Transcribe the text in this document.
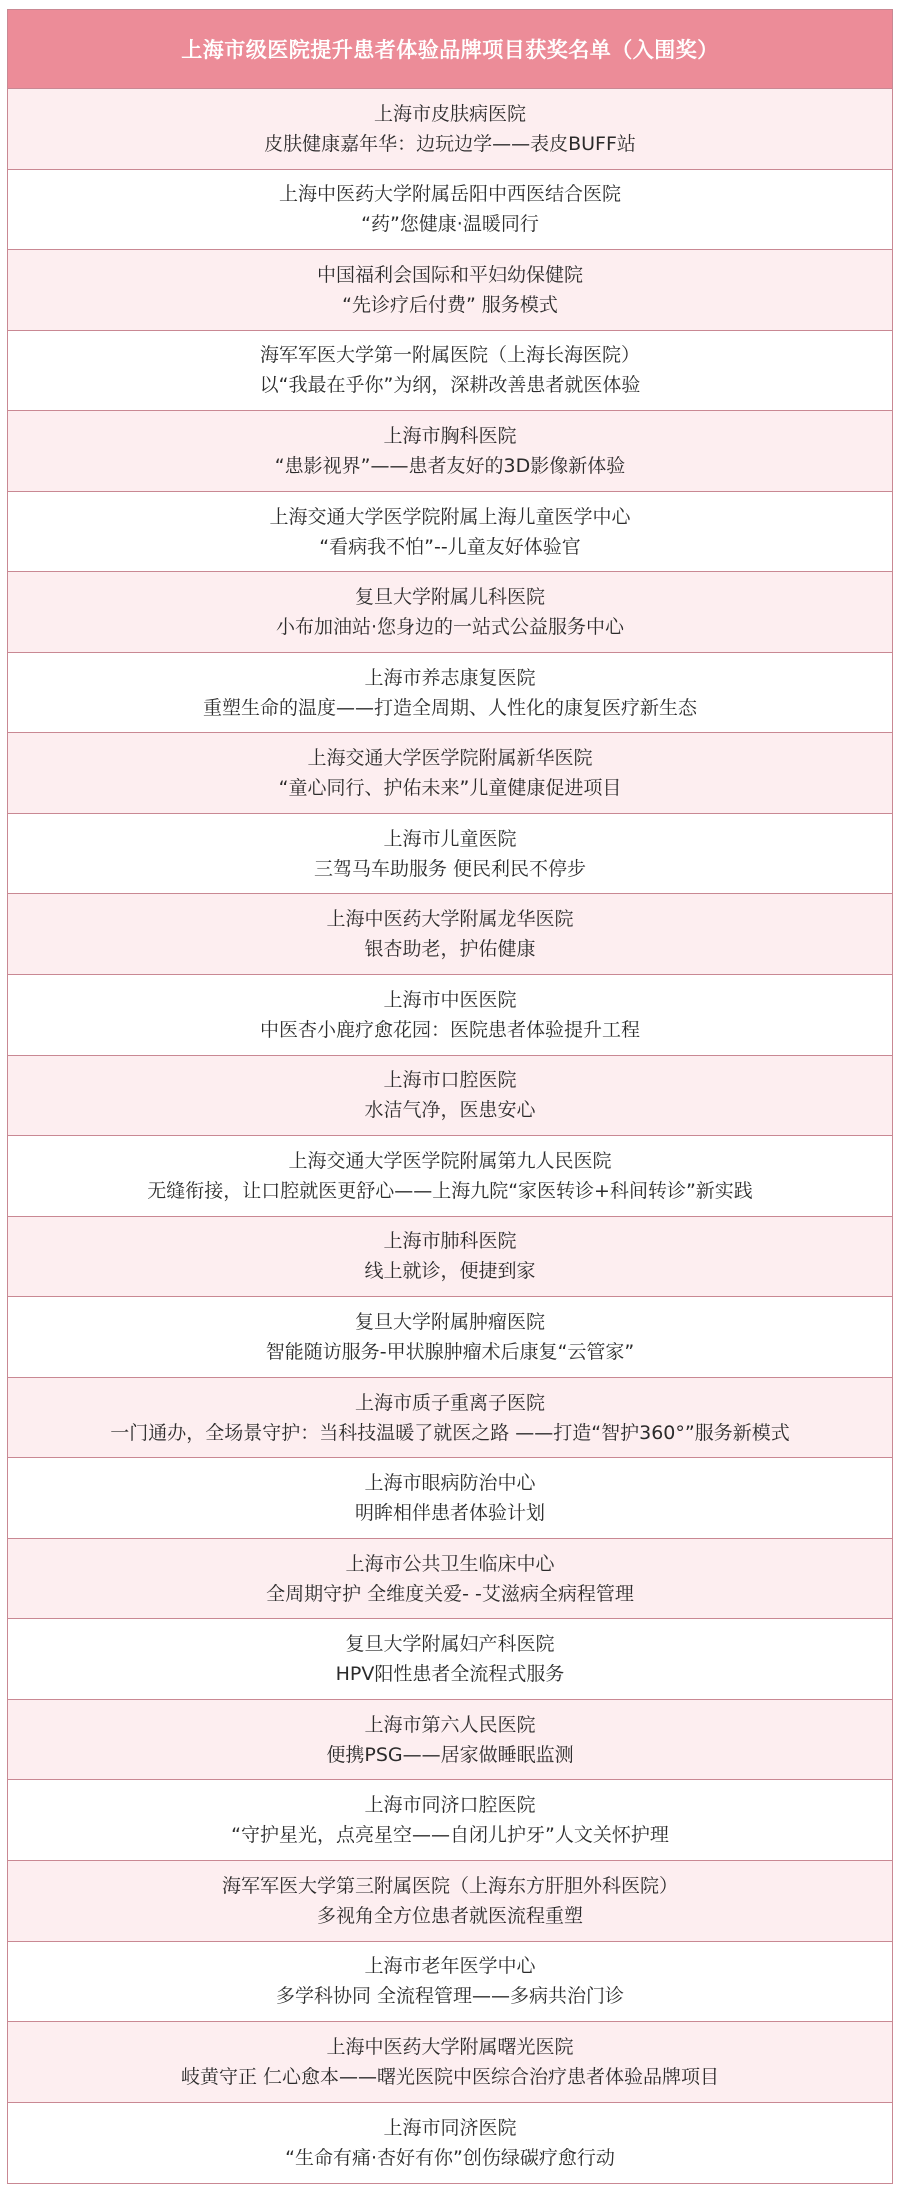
上海市级医院提升患者体验品牌项目获奖名单（入围奖）
上海市皮肤病医院
皮肤健康嘉年华：边玩边学——表皮BUFF站
上海中医药大学附属岳阳中西医结合医院
“药”您健康·温暖同行
中国福利会国际和平妇幼保健院
“先诊疗后付费” 服务模式
海军军医大学第一附属医院（上海长海医院）
以“我最在乎你”为纲，深耕改善患者就医体验
上海市胸科医院
“患影视界”——患者友好的3D影像新体验
上海交通大学医学院附属上海儿童医学中心
“看病我不怕”--儿童友好体验官
复旦大学附属儿科医院
小布加油站·您身边的一站式公益服务中心
上海市养志康复医院
重塑生命的温度——打造全周期、人性化的康复医疗新生态
上海交通大学医学院附属新华医院
“童心同行、护佑未来”儿童健康促进项目
上海市儿童医院
三驾马车助服务 便民利民不停步
上海中医药大学附属龙华医院
银杏助老，护佑健康
上海市中医医院
中医杏小鹿疗愈花园：医院患者体验提升工程
上海市口腔医院
水洁气净，医患安心
上海交通大学医学院附属第九人民医院
无缝衔接，让口腔就医更舒心——上海九院“家医转诊+科间转诊”新实践
上海市肺科医院
线上就诊，便捷到家
复旦大学附属肿瘤医院
智能随访服务-甲状腺肿瘤术后康复“云管家”
上海市质子重离子医院
一门通办，全场景守护：当科技温暖了就医之路 ——打造“智护360°”服务新模式
上海市眼病防治中心
明眸相伴患者体验计划
上海市公共卫生临床中心
全周期守护 全维度关爱- -艾滋病全病程管理
复旦大学附属妇产科医院
HPV阳性患者全流程式服务
上海市第六人民医院
便携PSG——居家做睡眠监测
上海市同济口腔医院
“守护星光，点亮星空——自闭儿护牙”人文关怀护理
海军军医大学第三附属医院（上海东方肝胆外科医院）
多视角全方位患者就医流程重塑
上海市老年医学中心
多学科协同 全流程管理——多病共治门诊
上海中医药大学附属曙光医院
岐黄守正 仁心愈本——曙光医院中医综合治疗患者体验品牌项目
上海市同济医院
“生命有痛·杏好有你”创伤绿碳疗愈行动
